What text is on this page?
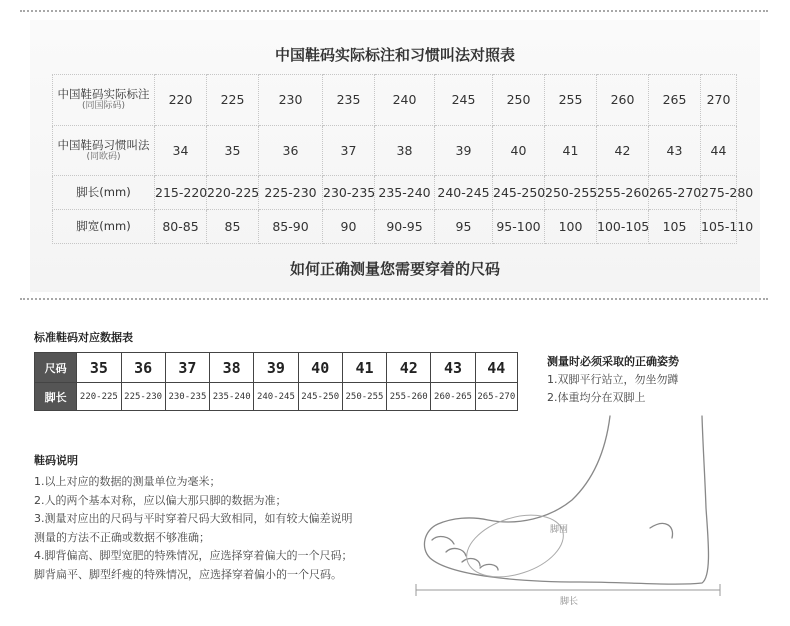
中国鞋码实际标注和习惯叫法对照表
中国鞋码实际标注
(同国际码)	220	225	230	235	240	245	250	255	260	265	270
中国鞋码习惯叫法
(同欧码)	34	35	36	37	38	39	40	41	42	43	44
脚长(mm)	215-220	220-225	225-230	230-235	235-240	240-245	245-250	250-255	255-260	265-270	275-280
脚宽(mm)	80-85	85	85-90	90	90-95	95	95-100	100	100-105	105	105-110
如何正确测量您需要穿着的尺码
标准鞋码对应数据表
尺码	35	36	37	38	39	40	41	42	43	44
脚长	220-225	225-230	230-235	235-240	240-245	245-250	250-255	255-260	260-265	265-270
鞋码说明
1.以上对应的数据的测量单位为毫米；
2.人的两个基本对称，应以偏大那只脚的数据为准；
3.测量对应出的尺码与平时穿着尺码大致相同，如有较大偏差说明
测量的方法不正确或数据不够准确；
4.脚背偏高、脚型宽肥的特殊情况，应选择穿着偏大的一个尺码；
脚背扁平、脚型纤瘦的特殊情况，应选择穿着偏小的一个尺码。
测量时必须采取的正确姿势
1.双脚平行站立，勿坐勿蹲
2.体重均分在双脚上
脚围
脚长
